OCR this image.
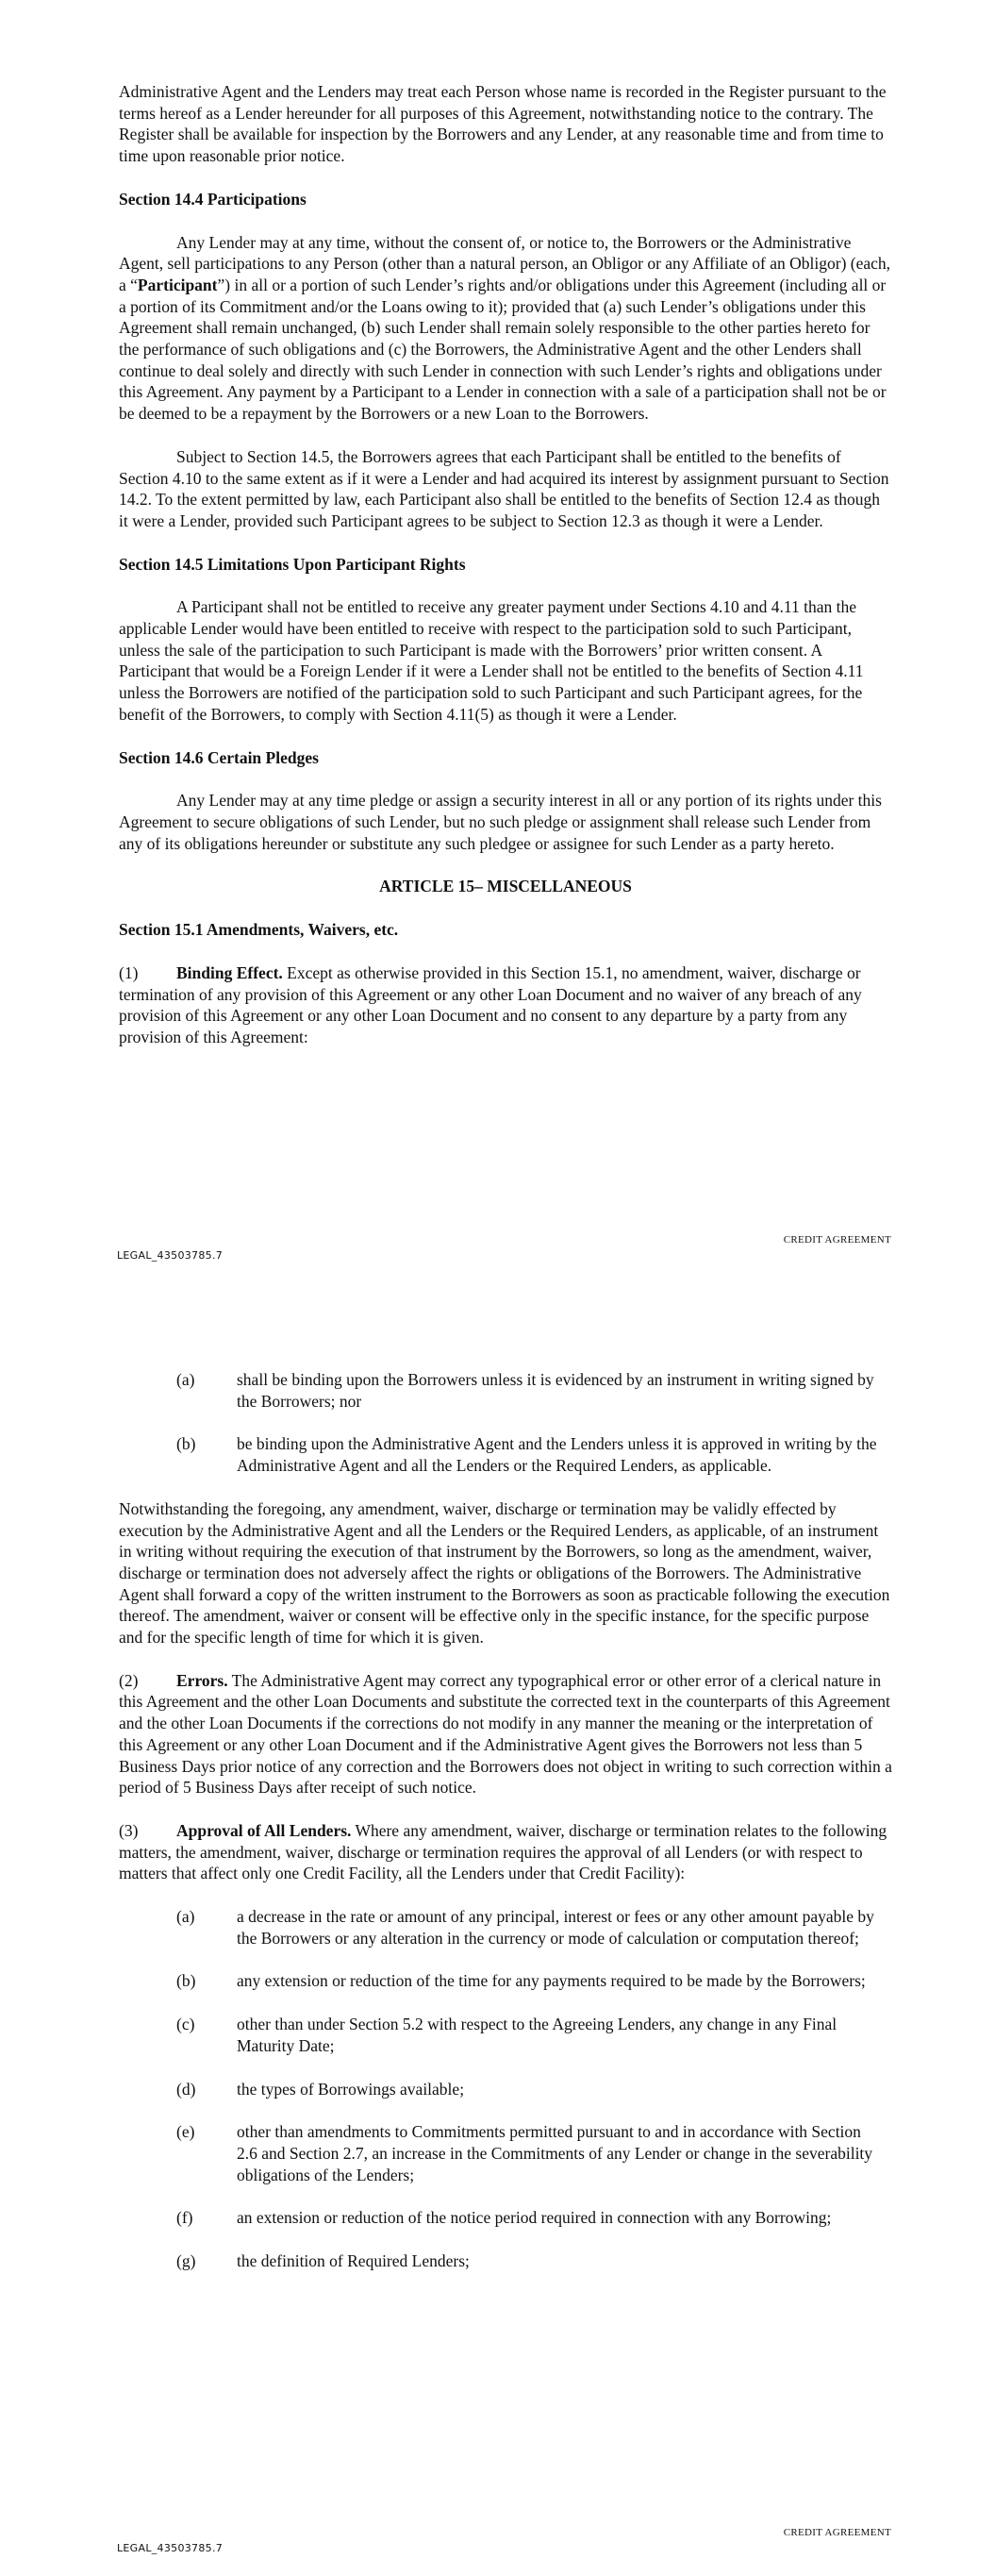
Administrative Agent and the Lenders may treat each Person whose name is recorded in the Register pursuant to the terms hereof as a Lender hereunder for all purposes of this Agreement, notwithstanding notice to the contrary. The Register shall be available for inspection by the Borrowers and any Lender, at any reasonable time and from time to time upon reasonable prior notice.

Section 14.4 Participations

Any Lender may at any time, without the consent of, or notice to, the Borrowers or the Administrative Agent, sell participations to any Person (other than a natural person, an Obligor or any Affiliate of an Obligor) (each, a “Participant”) in all or a portion of such Lender’s rights and/or obligations under this Agreement (including all or a portion of its Commitment and/or the Loans owing to it); provided that (a) such Lender’s obligations under this Agreement shall remain unchanged, (b) such Lender shall remain solely responsible to the other parties hereto for the performance of such obligations and (c) the Borrowers, the Administrative Agent and the other Lenders shall continue to deal solely and directly with such Lender in connection with such Lender’s rights and obligations under this Agreement. Any payment by a Participant to a Lender in connection with a sale of a participation shall not be or be deemed to be a repayment by the Borrowers or a new Loan to the Borrowers.

Subject to Section 14.5, the Borrowers agrees that each Participant shall be entitled to the benefits of Section 4.10 to the same extent as if it were a Lender and had acquired its interest by assignment pursuant to Section 14.2. To the extent permitted by law, each Participant also shall be entitled to the benefits of Section 12.4 as though it were a Lender, provided such Participant agrees to be subject to Section 12.3 as though it were a Lender.

Section 14.5 Limitations Upon Participant Rights

A Participant shall not be entitled to receive any greater payment under Sections 4.10 and 4.11 than the applicable Lender would have been entitled to receive with respect to the participation sold to such Participant, unless the sale of the participation to such Participant is made with the Borrowers’ prior written consent. A Participant that would be a Foreign Lender if it were a Lender shall not be entitled to the benefits of Section 4.11 unless the Borrowers are notified of the participation sold to such Participant and such Participant agrees, for the benefit of the Borrowers, to comply with Section 4.11(5) as though it were a Lender.

Section 14.6 Certain Pledges

Any Lender may at any time pledge or assign a security interest in all or any portion of its rights under this Agreement to secure obligations of such Lender, but no such pledge or assignment shall release such Lender from any of its obligations hereunder or substitute any such pledgee or assignee for such Lender as a party hereto.

ARTICLE 15– MISCELLANEOUS

Section 15.1 Amendments, Waivers, etc.

(1) Binding Effect. Except as otherwise provided in this Section 15.1, no amendment, waiver, discharge or termination of any provision of this Agreement or any other Loan Document and no waiver of any breach of any provision of this Agreement or any other Loan Document and no consent to any departure by a party from any provision of this Agreement:

CREDIT AGREEMENT
LEGAL_43503785.7
(a)	shall be binding upon the Borrowers unless it is evidenced by an instrument in writing signed by the Borrowers; nor
(b) be binding upon the Administrative Agent and the Lenders unless it is approved in writing by the Administrative Agent and all the Lenders or the Required Lenders, as applicable.

Notwithstanding the foregoing, any amendment, waiver, discharge or termination may be validly effected by execution by the Administrative Agent and all the Lenders or the Required Lenders, as applicable, of an instrument in writing without requiring the execution of that instrument by the Borrowers, so long as the amendment, waiver, discharge or termination does not adversely affect the rights or obligations of the Borrowers. The Administrative Agent shall forward a copy of the written instrument to the Borrowers as soon as practicable following the execution thereof. The amendment, waiver or consent will be effective only in the specific instance, for the specific purpose and for the specific length of time for which it is given.

(2) Errors. The Administrative Agent may correct any typographical error or other error of a clerical nature in this Agreement and the other Loan Documents and substitute the corrected text in the counterparts of this Agreement and the other Loan Documents if the corrections do not modify in any manner the meaning or the interpretation of this Agreement or any other Loan Document and if the Administrative Agent gives the Borrowers not less than 5 Business Days prior notice of any correction and the Borrowers does not object in writing to such correction within a period of 5 Business Days after receipt of such notice.

(3) Approval of All Lenders. Where any amendment, waiver, discharge or termination relates to the following matters, the amendment, waiver, discharge or termination requires the approval of all Lenders (or with respect to matters that affect only one Credit Facility, all the Lenders under that Credit Facility):

(a)	a decrease in the rate or amount of any principal, interest or fees or any other amount payable by the Borrowers or any alteration in the currency or mode of calculation or computation thereof;
(b) any extension or reduction of the time for any payments required to be made by the Borrowers;
(c)	other than under Section 5.2 with respect to the Agreeing Lenders, any change in any Final Maturity Date;
(d) the types of Borrowings available;
(e)	other than amendments to Commitments permitted pursuant to and in accordance with Section 2.6 and Section 2.7, an increase in the Commitments of any Lender or change in the severability obligations of the Lenders;
(f)	an extension or reduction of the notice period required in connection with any Borrowing;
(g) the definition of Required Lenders;
CREDIT AGREEMENT
LEGAL_43503785.7
